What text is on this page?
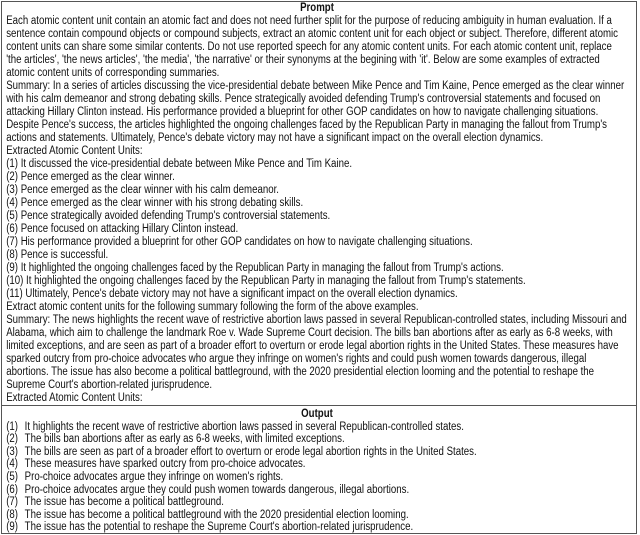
Prompt
Each atomic content unit contain an atomic fact and does not need further split for the purpose of reducing ambiguity in human evaluation. If a
sentence contain compound objects or compound subjects, extract an atomic content unit for each object or subject. Therefore, different atomic
content units can share some similar contents. Do not use reported speech for any atomic content units. For each atomic content unit, replace
'the articles', 'the news articles', 'the media', 'the narrative' or their synonyms at the begining with 'it'. Below are some examples of extracted
atomic content units of corresponding summaries.
Summary: In a series of articles discussing the vice-presidential debate between Mike Pence and Tim Kaine, Pence emerged as the clear winner
with his calm demeanor and strong debating skills. Pence strategically avoided defending Trump's controversial statements and focused on
attacking Hillary Clinton instead. His performance provided a blueprint for other GOP candidates on how to navigate challenging situations.
Despite Pence's success, the articles highlighted the ongoing challenges faced by the Republican Party in managing the fallout from Trump's
actions and statements. Ultimately, Pence's debate victory may not have a significant impact on the overall election dynamics.
Extracted Atomic Content Units:
(1) It discussed the vice-presidential debate between Mike Pence and Tim Kaine.
(2) Pence emerged as the clear winner.
(3) Pence emerged as the clear winner with his calm demeanor.
(4) Pence emerged as the clear winner with his strong debating skills.
(5) Pence strategically avoided defending Trump's controversial statements.
(6) Pence focused on attacking Hillary Clinton instead.
(7) His performance provided a blueprint for other GOP candidates on how to navigate challenging situations.
(8) Pence is successful.
(9) It highlighted the ongoing challenges faced by the Republican Party in managing the fallout from Trump's actions.
(10) It highlighted the ongoing challenges faced by the Republican Party in managing the fallout from Trump's statements.
(11) Ultimately, Pence's debate victory may not have a significant impact on the overall election dynamics.
Extract atomic content units for the following summary following the form of the above examples.
Summary: The news highlights the recent wave of restrictive abortion laws passed in several Republican-controlled states, including Missouri and
Alabama, which aim to challenge the landmark Roe v. Wade Supreme Court decision. The bills ban abortions after as early as 6-8 weeks, with
limited exceptions, and are seen as part of a broader effort to overturn or erode legal abortion rights in the United States. These measures have
sparked outcry from pro-choice advocates who argue they infringe on women's rights and could push women towards dangerous, illegal
abortions. The issue has also become a political battleground, with the 2020 presidential election looming and the potential to reshape the
Supreme Court's abortion-related jurisprudence.
Extracted Atomic Content Units:
Output
(1) It highlights the recent wave of restrictive abortion laws passed in several Republican-controlled states.
(2) The bills ban abortions after as early as 6-8 weeks, with limited exceptions.
(3) The bills are seen as part of a broader effort to overturn or erode legal abortion rights in the United States.
(4) These measures have sparked outcry from pro-choice advocates.
(5) Pro-choice advocates argue they infringe on women's rights.
(6) Pro-choice advocates argue they could push women towards dangerous, illegal abortions.
(7) The issue has become a political battleground.
(8) The issue has become a political battleground with the 2020 presidential election looming.
(9) The issue has the potential to reshape the Supreme Court's abortion-related jurisprudence.
